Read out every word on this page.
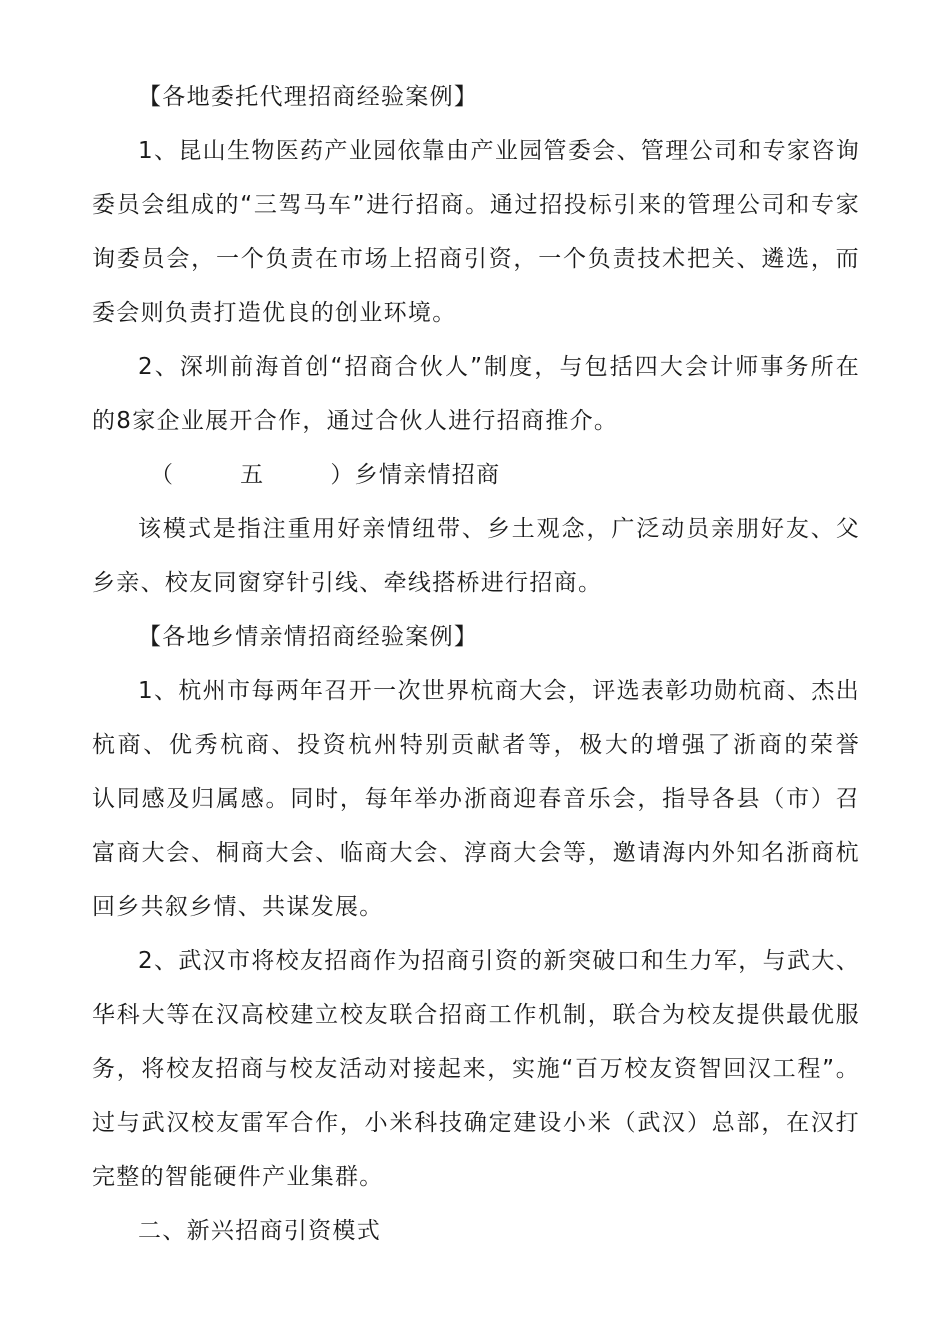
【各地委托代理招商经验案例】
1、昆山生物医药产业园依靠由产业园管委会、管理公司和专家咨询
委员会组成的“三驾马车”进行招商。通过招投标引来的管理公司和专家
询委员会，一个负责在市场上招商引资，一个负责技术把关、遴选，而
委会则负责打造优良的创业环境。
2、深圳前海首创“招商合伙人”制度，与包括四大会计师事务所在
的8家企业展开合作，通过合伙人进行招商推介。
（	五	）乡情亲情招商
该模式是指注重用好亲情纽带、乡土观念，广泛动员亲朋好友、父
乡亲、校友同窗穿针引线、牵线搭桥进行招商。
【各地乡情亲情招商经验案例】
1、杭州市每两年召开一次世界杭商大会，评选表彰功勋杭商、杰出
杭商、优秀杭商、投资杭州特别贡献者等，极大的增强了浙商的荣誉
认同感及归属感。同时，每年举办浙商迎春音乐会，指导各县（市）召
富商大会、桐商大会、临商大会、淳商大会等，邀请海内外知名浙商杭
回乡共叙乡情、共谋发展。
2、武汉市将校友招商作为招商引资的新突破口和生力军，与武大、
华科大等在汉高校建立校友联合招商工作机制，联合为校友提供最优服
务，将校友招商与校友活动对接起来，实施“百万校友资智回汉工程”。
过与武汉校友雷军合作，小米科技确定建设小米（武汉）总部，在汉打
完整的智能硬件产业集群。
二、新兴招商引资模式
